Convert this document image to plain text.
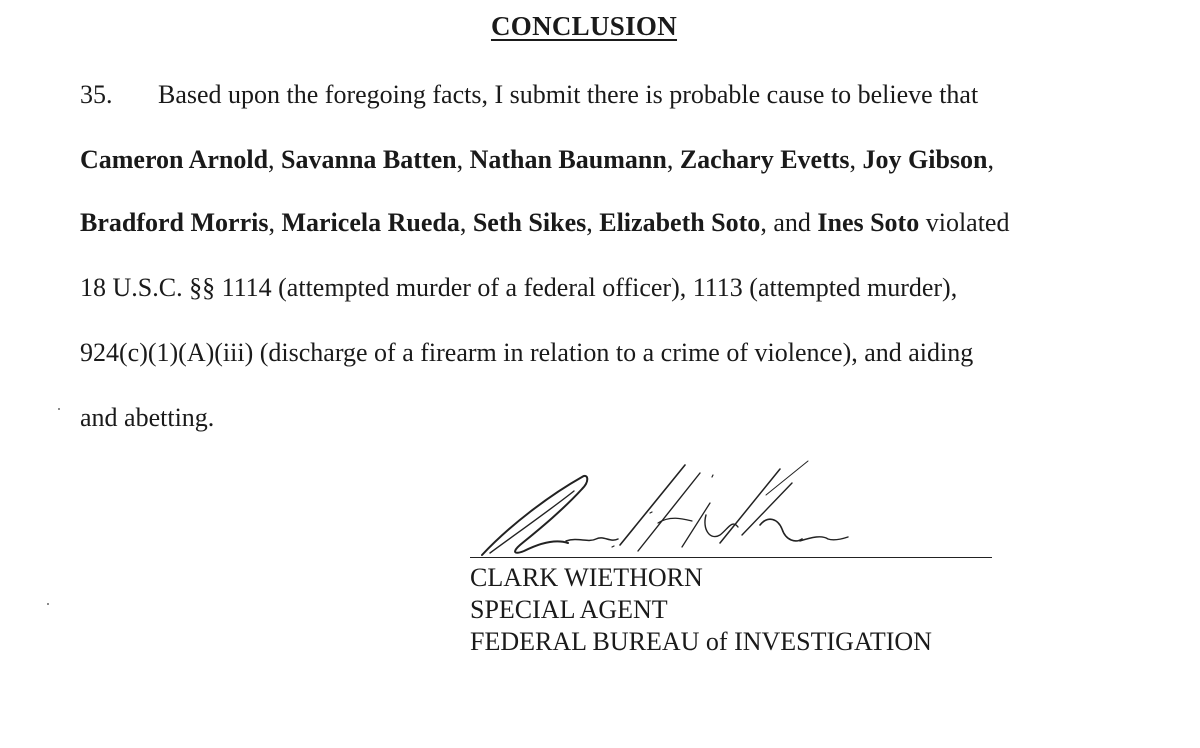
CONCLUSION
35. Based upon the foregoing facts, I submit there is probable cause to believe that
Cameron Arnold, Savanna Batten, Nathan Baumann, Zachary Evetts, Joy Gibson,
Bradford Morris, Maricela Rueda, Seth Sikes, Elizabeth Soto, and Ines Soto violated
18 U.S.C. §§ 1114 (attempted murder of a federal officer), 1113 (attempted murder),
924(c)(1)(A)(iii) (discharge of a firearm in relation to a crime of violence), and aiding
and abetting.
CLARK WIETHORN
SPECIAL AGENT
FEDERAL BUREAU of INVESTIGATION
